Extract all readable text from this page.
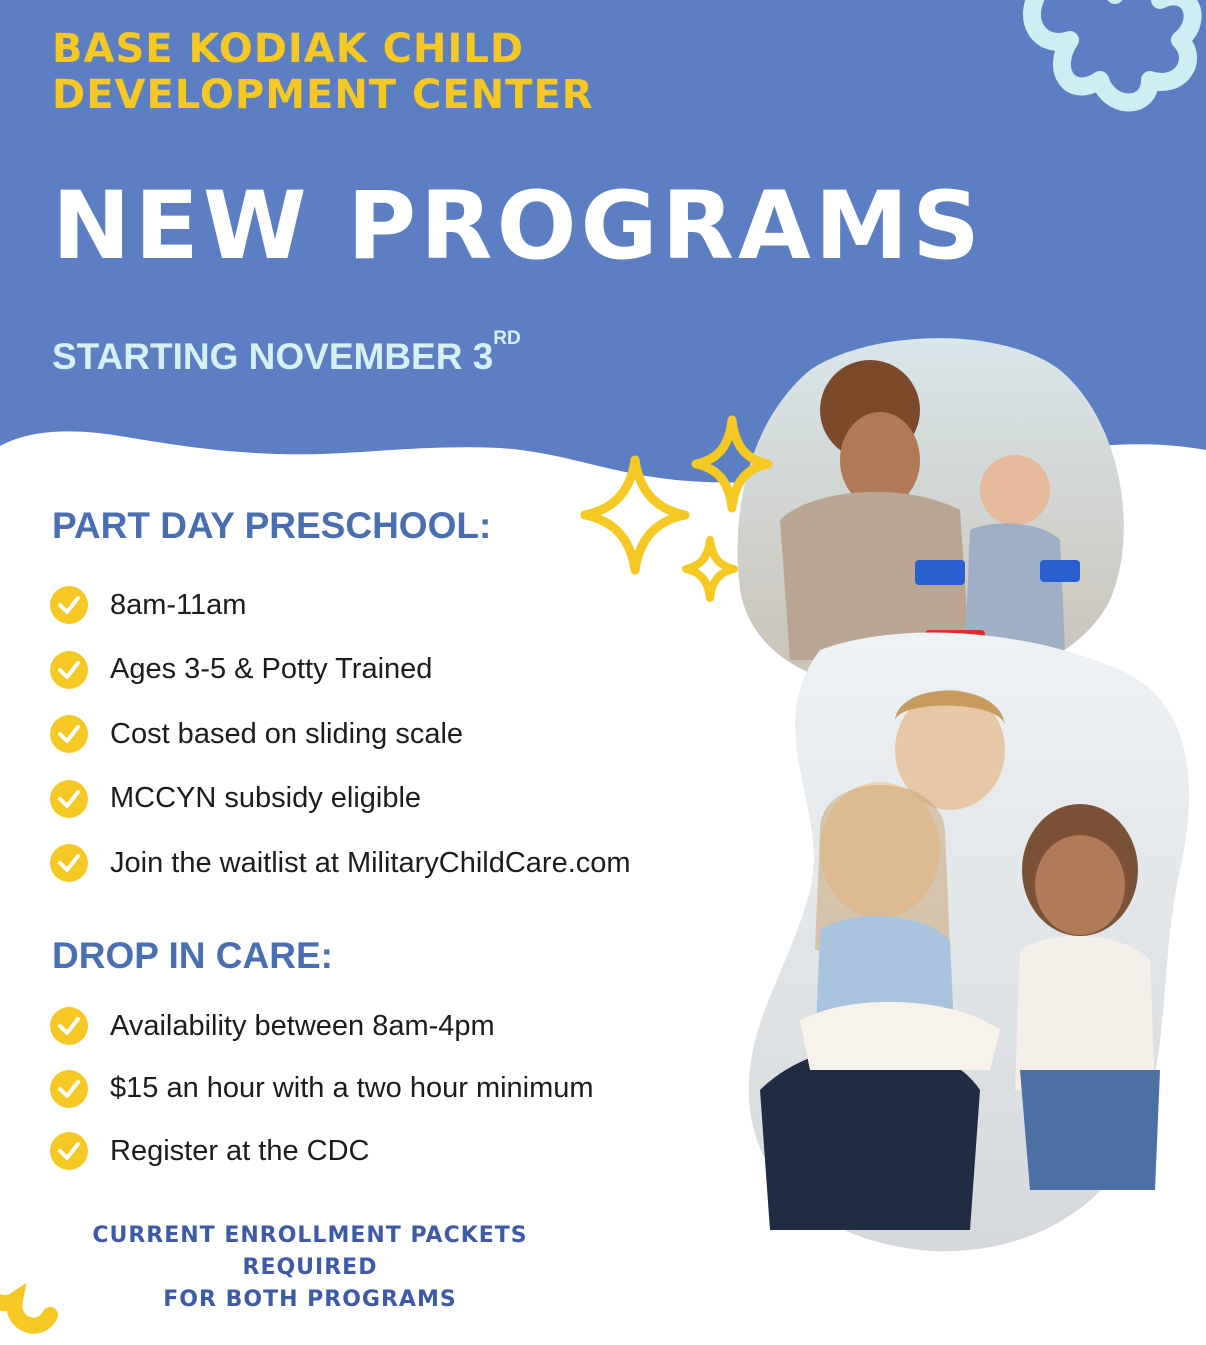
BASE KODIAK CHILD
DEVELOPMENT CENTER
NEW PROGRAMS
STARTING NOVEMBER 3RD
PART DAY PRESCHOOL:
8am-11am
Ages 3-5 & Potty Trained
Cost based on sliding scale
MCCYN subsidy eligible
Join the waitlist at MilitaryChildCare.com
DROP IN CARE:
Availability between 8am-4pm
$15 an hour with a two hour minimum
Register at the CDC
CURRENT ENROLLMENT PACKETS REQUIRED
FOR BOTH PROGRAMS
